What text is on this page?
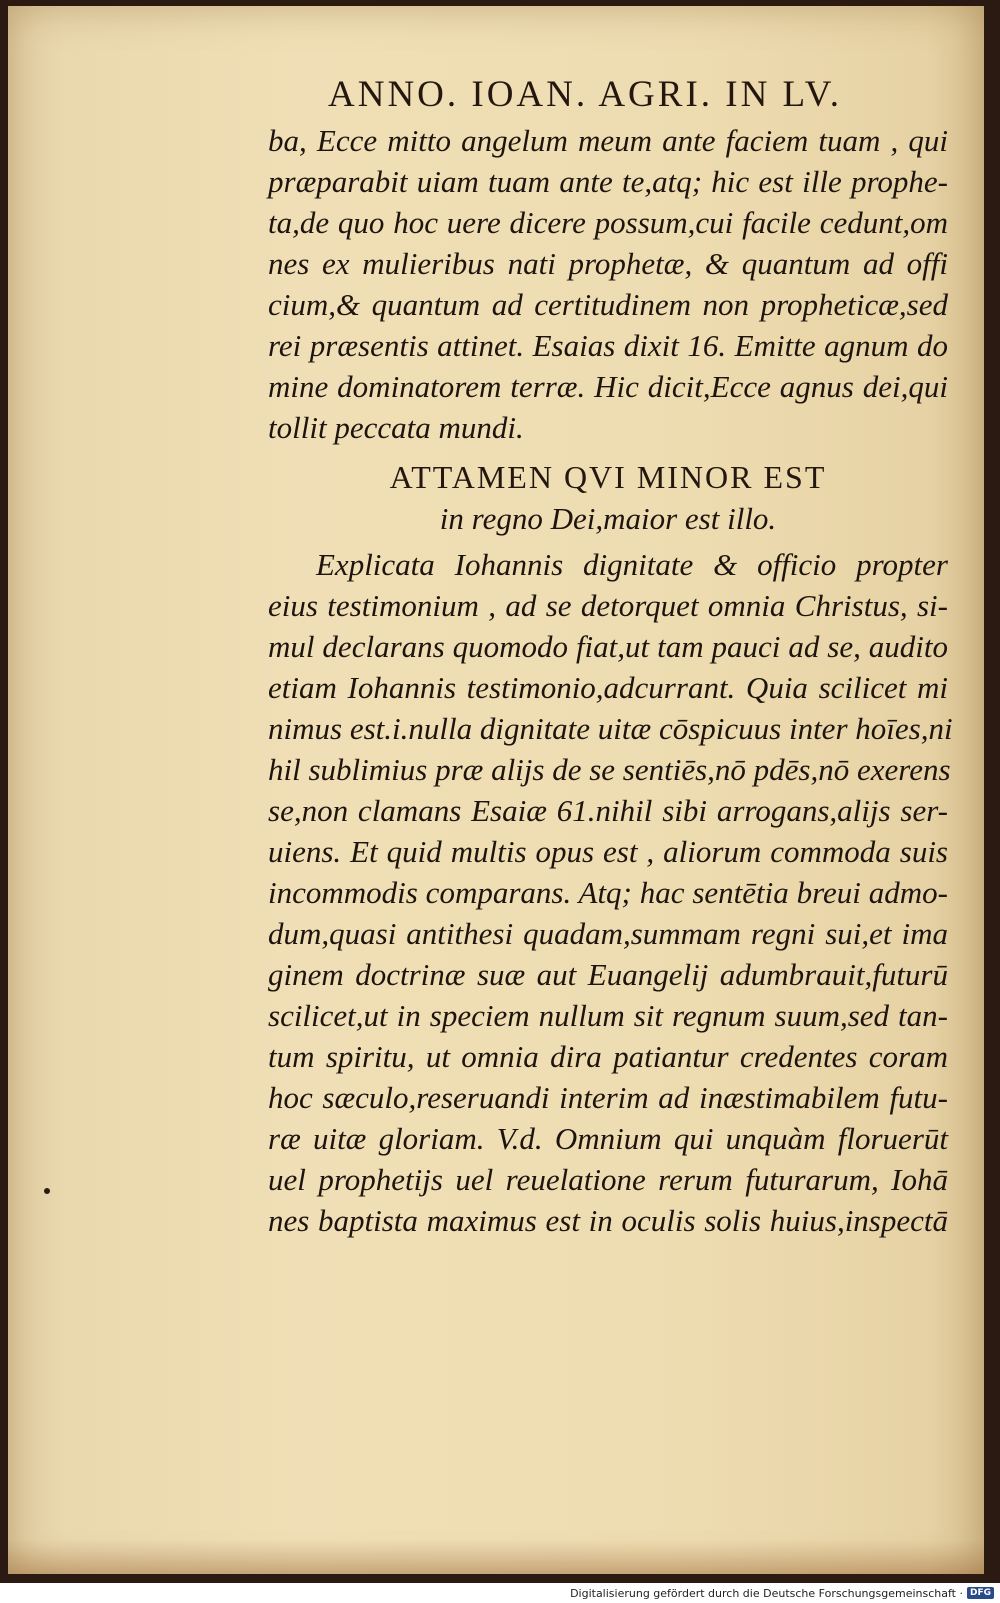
ANNO. IOAN. AGRI. IN LV.

ba, Ecce mitto angelum meum ante faciem tuam , qui
præparabit uiam tuam ante te,atq; hic est ille prophe-
ta,de quo hoc uere dicere possum,cui facile cedunt,om
nes ex mulieribus nati prophetæ, & quantum ad offi
cium,& quantum ad certitudinem non propheticæ,sed
rei præsentis attinet. Esaias dixit 16. Emitte agnum do
mine dominatorem terræ. Hic dicit,Ecce agnus dei,qui
tollit peccata mundi.

ATTAMEN QVI MINOR EST
in regno Dei,maior est illo.

Explicata Iohannis dignitate & officio propter
eius testimonium , ad se detorquet omnia Christus, si-
mul declarans quomodo fiat,ut tam pauci ad se, audito
etiam Iohannis testimonio,adcurrant. Quia scilicet mi
nimus est.i.nulla dignitate uitæ cōspicuus inter hoīes,ni
hil sublimius præ alijs de se sentiēs,nō pdēs,nō exerens
se,non clamans Esaiæ 61.nihil sibi arrogans,alijs ser-
uiens. Et quid multis opus est , aliorum commoda suis
incommodis comparans. Atq; hac sentētia breui admo-
dum,quasi antithesi quadam,summam regni sui,et ima
ginem doctrinæ suæ aut Euangelij adumbrauit,futurū
scilicet,ut in speciem nullum sit regnum suum,sed tan-
tum spiritu, ut omnia dira patiantur credentes coram
hoc sæculo,reseruandi interim ad inæstimabilem futu-
ræ uitæ gloriam. V.d. Omnium qui unquàm floruerūt
uel prophetijs uel reuelatione rerum futurarum, Iohā
nes baptista maximus est in oculis solis huius,inspectā

Digitalisierung gefördert durch die Deutsche Forschungsgemeinschaft · DFG
